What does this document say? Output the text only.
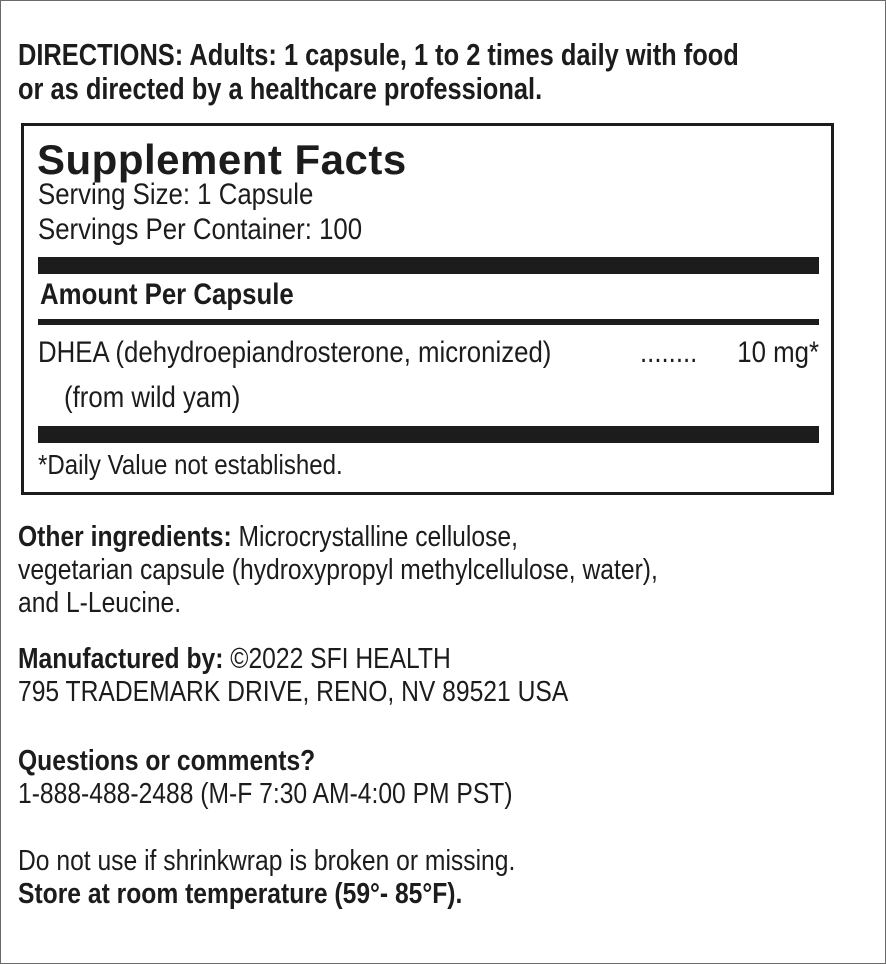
DIRECTIONS: Adults: 1 capsule, 1 to 2 times daily with food
or as directed by a healthcare professional.
Supplement Facts
Serving Size: 1 Capsule
Servings Per Container: 100
Amount Per Capsule
DHEA (dehydroepiandrosterone, micronized)	........	10 mg*
(from wild yam)
*Daily Value not established.
Other ingredients: Microcrystalline cellulose,
vegetarian capsule (hydroxypropyl methylcellulose, water),
and L-Leucine.
Manufactured by: ©2022 SFI HEALTH
795 TRADEMARK DRIVE, RENO, NV 89521 USA
Questions or comments?
1-888-488-2488 (M-F 7:30 AM-4:00 PM PST)
Do not use if shrinkwrap is broken or missing.
Store at room temperature (59°- 85°F).
